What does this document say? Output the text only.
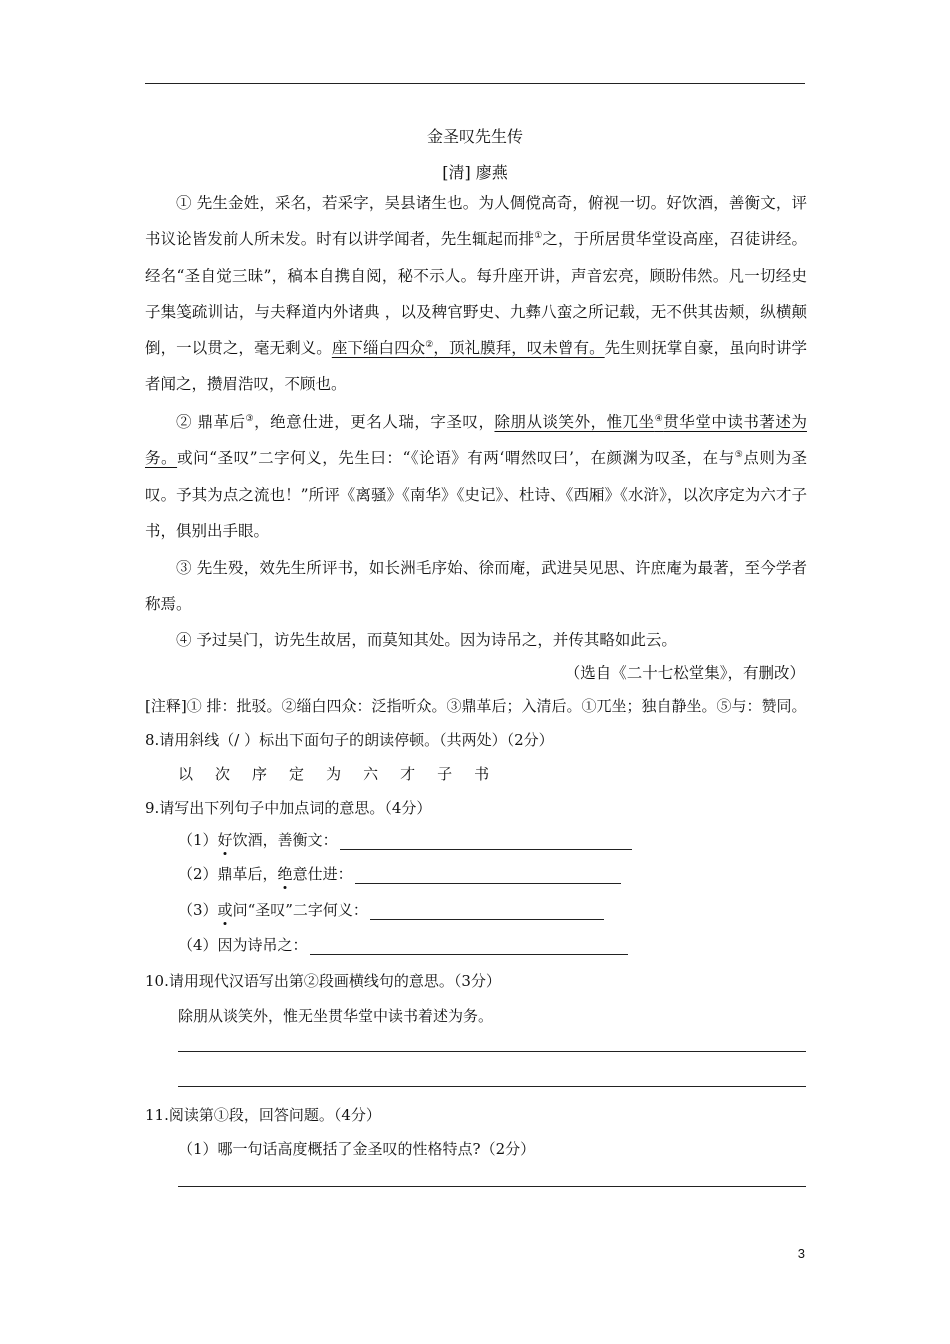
金圣叹先生传
[清] 廖燕
① 先生金姓，采名，若采字，吴县诸生也。为人倜傥高奇，俯视一切。好饮酒，善衡文，评书议论皆发前人所未发。时有以讲学闻者，先生辄起而排①之，于所居贯华堂设高座，召徒讲经。经名“圣自觉三昧”，稿本自携自阅，秘不示人。每升座开讲，声音宏亮，顾盼伟然。凡一切经史子集笺疏训诂，与夫释道内外诸典 ，以及稗官野史、九彝八蛮之所记载，无不供其齿颊，纵横颠倒，一以贯之，毫无剩义。座下缁白四众②，顶礼膜拜，叹未曾有。先生则抚掌自豪，虽向时讲学者闻之，攒眉浩叹，不顾也。
② 鼎革后③，绝意仕进，更名人瑞，字圣叹，除朋从谈笑外，惟兀坐④贯华堂中读书著述为务。或问“圣叹”二字何义，先生曰：“《论语》有两‘喟然叹曰’，在颜渊为叹圣，在与⑤点则为圣叹。予其为点之流也！”所评《离骚》《南华》《史记》、杜诗、《西厢》《水浒》，以次序定为六才子书，俱别出手眼。
③ 先生殁，效先生所评书，如长洲毛序始、徐而庵，武进吴见思、许庶庵为最著，至今学者称焉。
④ 予过吴门，访先生故居，而莫知其处。因为诗吊之，并传其略如此云。
（选自《二十七松堂集》，有删改）
[注释]① 排：批驳。②缁白四众：泛指听众。③鼎革后；入清后。①兀坐；独自静坐。⑤与：赞同。
8.请用斜线（/ ）标出下面句子的朗读停顿。（共两处）（2分）
以 次 序 定 为 六 才 子 书
9.请写出下列句子中加点词的意思。（4分）
（1）好饮酒，善衡文：
（2）鼎革后，绝意仕进：
（3）或问“圣叹”二字何义：
（4）因为诗吊之：
10.请用现代汉语写出第②段画横线句的意思。（3分）
除朋从谈笑外，惟无坐贯华堂中读书着述为务。
11.阅读第①段，回答问题。（4分）
（1）哪一句话高度概括了金圣叹的性格特点?（2分）
3
